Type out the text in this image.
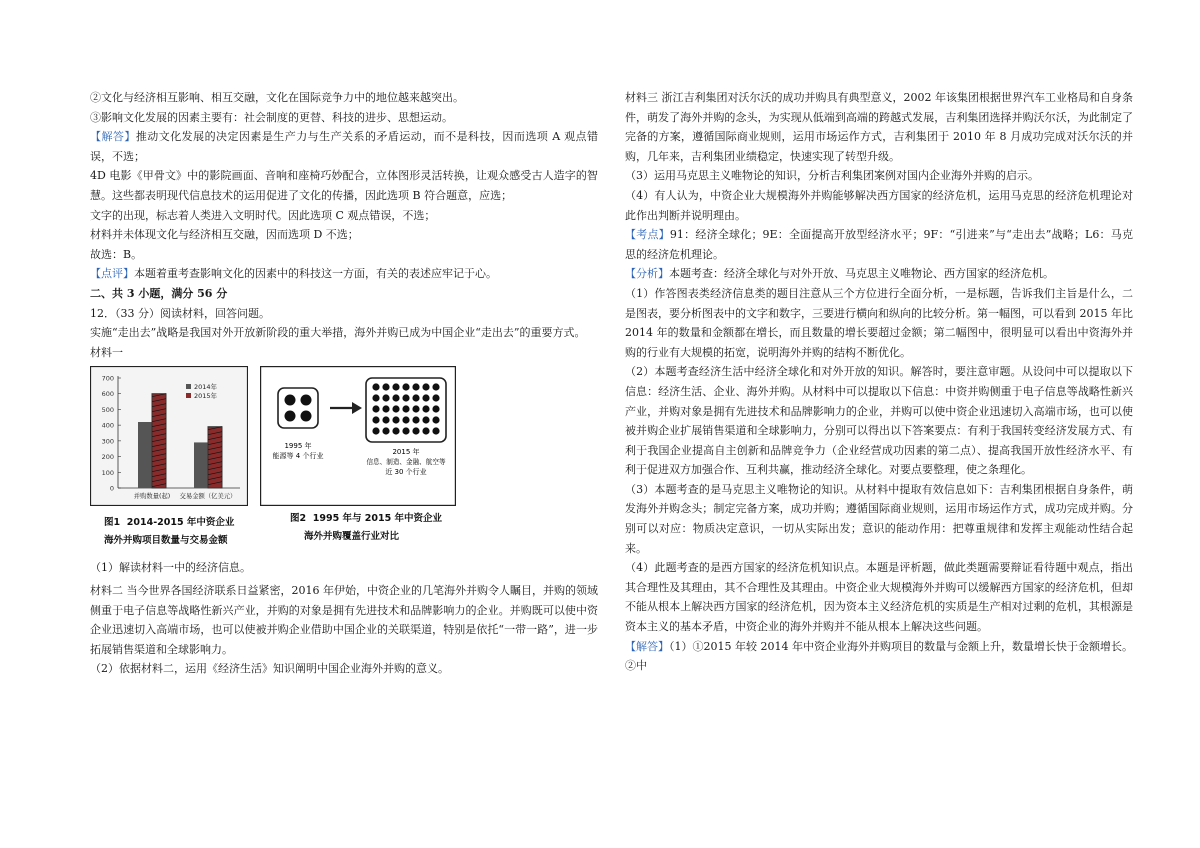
②文化与经济相互影响、相互交融，文化在国际竞争力中的地位越来越突出。

③影响文化发展的因素主要有：社会制度的更替、科技的进步、思想运动。

【解答】推动文化发展的决定因素是生产力与生产关系的矛盾运动，而不是科技，因而选项 A 观点错误，不选；

4D 电影《甲骨文》中的影院画面、音响和座椅巧妙配合，立体图形灵活转换，让观众感受古人造字的智慧。这些都表明现代信息技术的运用促进了文化的传播，因此选项 B 符合题意，应选；

文字的出现，标志着人类进入文明时代。因此选项 C 观点错误，不选；

材料并未体现文化与经济相互交融，因而选项 D 不选；

故选：B。

【点评】本题着重考查影响文化的因素中的科技这一方面，有关的表述应牢记于心。

二、共 3 小题，满分 56 分

12．（33 分）阅读材料，回答问题。

实施“走出去”战略是我国对外开放新阶段的重大举措，海外并购已成为中国企业“走出去”的重要方式。

材料一

700
600
500
400
300
200
100
0
2014年
2015年
并购数量(起) 交易金额（亿美元）
图1 2014-2015 年中资企业
海外并购项目数量与交易金额
1995 年
能源等 4 个行业	2015 年
信息、制造、金融、航空等
近 30 个行业
图2 1995 年与 2015 年中资企业
海外并购覆盖行业对比

（1）解读材料一中的经济信息。

材料二 当今世界各国经济联系日益紧密，2016 年伊始，中资企业的几笔海外并购令人瞩目，并购的领域侧重于电子信息等战略性新兴产业，并购的对象是拥有先进技术和品牌影响力的企业。并购既可以使中资企业迅速切入高端市场，也可以使被并购企业借助中国企业的关联渠道，特别是依托“一带一路”，进一步拓展销售渠道和全球影响力。

（2）依据材料二，运用《经济生活》知识阐明中国企业海外并购的意义。

材料三 浙江吉利集团对沃尔沃的成功并购具有典型意义，2002 年该集团根据世界汽车工业格局和自身条件，萌发了海外并购的念头，为实现从低端到高端的跨越式发展，吉利集团选择并购沃尔沃，为此制定了完备的方案，遵循国际商业规则，运用市场运作方式，吉利集团于 2010 年 8 月成功完成对沃尔沃的并购，几年来，吉利集团业绩稳定，快速实现了转型升级。

（3）运用马克思主义唯物论的知识，分析吉利集团案例对国内企业海外并购的启示。

（4）有人认为，中资企业大规模海外并购能够解决西方国家的经济危机，运用马克思的经济危机理论对此作出判断并说明理由。

【考点】91：经济全球化；9E：全面提高开放型经济水平；9F：“引进来”与“走出去”战略；L6：马克思的经济危机理论。

【分析】本题考查：经济全球化与对外开放、马克思主义唯物论、西方国家的经济危机。

（1）作答图表类经济信息类的题目注意从三个方位进行全面分析，一是标题，告诉我们主旨是什么，二是图表，要分析图表中的文字和数字，三要进行横向和纵向的比较分析。第一幅图，可以看到 2015 年比 2014 年的数量和金额都在增长，而且数量的增长要超过金额；第二幅图中，很明显可以看出中资海外并购的行业有大规模的拓宽，说明海外并购的结构不断优化。

（2）本题考查经济生活中经济全球化和对外开放的知识。解答时，要注意审题。从设问中可以提取以下信息：经济生活、企业、海外并购。从材料中可以提取以下信息：中资并购侧重于电子信息等战略性新兴产业，并购对象是拥有先进技术和品牌影响力的企业，并购可以使中资企业迅速切入高端市场，也可以使被并购企业扩展销售渠道和全球影响力，分别可以得出以下答案要点：有利于我国转变经济发展方式、有利于我国企业提高自主创新和品牌竞争力（企业经营成功因素的第二点）、提高我国开放性经济水平、有利于促进双方加强合作、互利共赢，推动经济全球化。对要点要整理，使之条理化。

（3）本题考查的是马克思主义唯物论的知识。从材料中提取有效信息如下：吉利集团根据自身条件，萌发海外并购念头；制定完备方案，成功并购；遵循国际商业规则，运用市场运作方式，成功完成并购。分别可以对应：物质决定意识，一切从实际出发；意识的能动作用：把尊重规律和发挥主观能动性结合起来。

（4）此题考查的是西方国家的经济危机知识点。本题是评析题，做此类题需要辩证看待题中观点，指出其合理性及其理由，其不合理性及其理由。中资企业大规模海外并购可以缓解西方国家的经济危机，但却不能从根本上解决西方国家的经济危机，因为资本主义经济危机的实质是生产相对过剩的危机，其根源是资本主义的基本矛盾，中资企业的海外并购并不能从根本上解决这些问题。

【解答】（1）①2015 年较 2014 年中资企业海外并购项目的数量与金额上升，数量增长快于金额增长。②中
